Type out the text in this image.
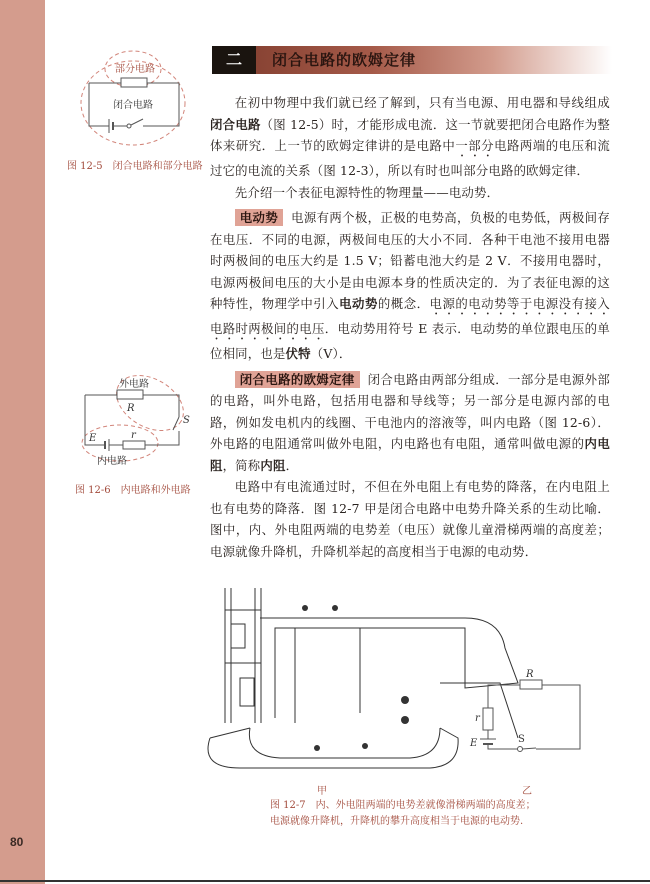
80
部分电路
闭合电路
图 12-5　闭合电路和部分电路
二	闭合电路的欧姆定律

在初中物理中我们就已经了解到，只有当电源、用电器和导线组成闭合电路（图 12-5）时，才能形成电流．这一节就要把闭合电路作为整体来研究．上一节的欧姆定律讲的是电路中一部分电路两端的电压和流过它的电流的关系（图 12-3），所以有时也叫部分电路的欧姆定律．

先介绍一个表征电源特性的物理量——电动势．

电动势 电源有两个极，正极的电势高，负极的电势低，两极间存在电压．不同的电源，两极间电压的大小不同．各种干电池不接用电器时两极间的电压大约是 1.5 V；铅蓄电池大约是 2 V．不接用电器时，电源两极间电压的大小是由电源本身的性质决定的．为了表征电源的这种特性，物理学中引入电动势的概念．电源的电动势等于电源没有接入电路时两极间的电压．电动势用符号 E 表示．电动势的单位跟电压的单位相同，也是伏特（V）．

闭合电路的欧姆定律 闭合电路由两部分组成．一部分是电源外部的电路，叫外电路，包括用电器和导线等；另一部分是电源内部的电路，例如发电机内的线圈、干电池内的溶液等，叫内电路（图 12-6）．外电路的电阻通常叫做外电阻，内电路也有电阻，通常叫做电源的内电阻，简称内阻．

电路中有电流通过时，不但在外电阻上有电势的降落，在内电阻上也有电势的降落．图 12-7 甲是闭合电路中电势升降关系的生动比喻．图中，内、外电阻两端的电势差（电压）就像儿童滑梯两端的高度差；电源就像升降机，升降机举起的高度相当于电源的电动势．

外电路
R
S
E	r
内电路
图 12-6　内电路和外电路
R
r
E	S
甲	乙
图 12-7　内、外电阻两端的电势差就像滑梯两端的高度差；
电源就像升降机，升降机的攀升高度相当于电源的电动势.
